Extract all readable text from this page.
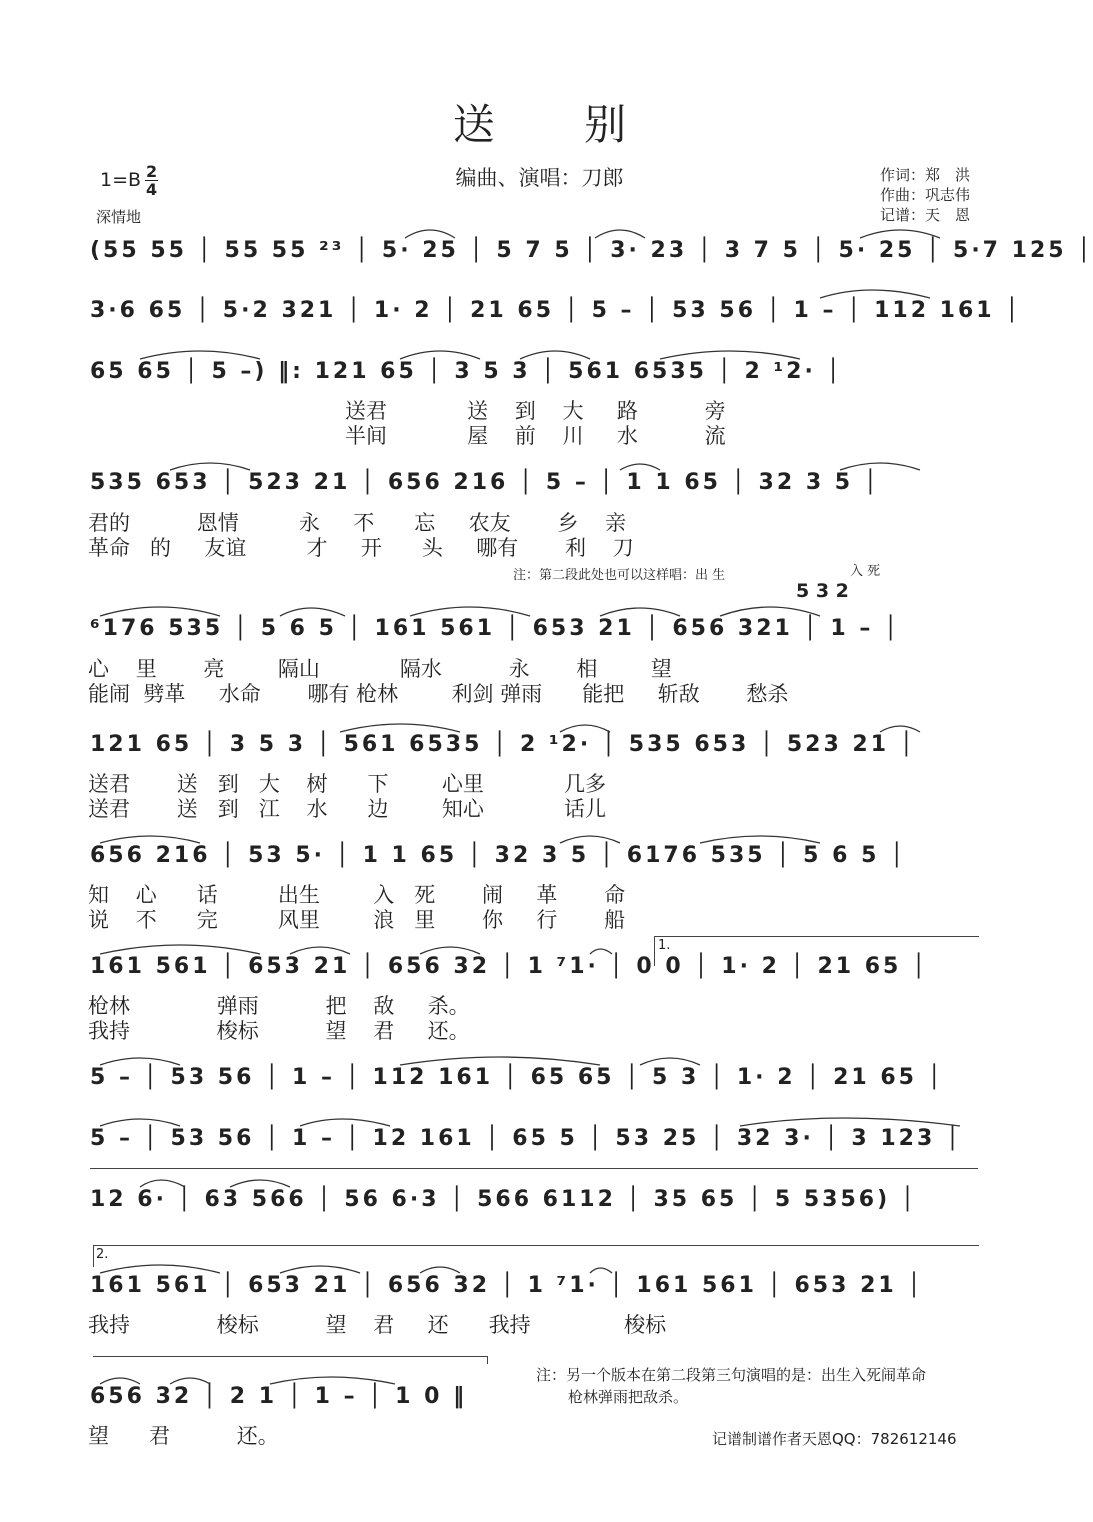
送 别
$1=B \frac{2}{4}$
深情地
编曲、演唱：刀郎	作词：郑　洪
作曲：巩志伟
记谱：天　恩
(55 55 │ 55 55 ²³ │ 5· 25 │ 5 7 5 │ 3· 23 │ 3 7 5 │ 5· 25 │ 5·7 125 │
3·6 65 │ 5·2 321 │ 1· 2 │ 21 65 │ 5 – │ 53 56 │ 1 – │ 112 161 │
65 65 │ 5 –) ‖: 121 65 │ 3 5 3 │ 561 6535 │ 2 ¹2· │
送君            送    到    大     路          旁
半间            屋    前    川     水          流
535 653 │ 523 21 │ 656 216 │ 5 – │ 1 1 65 │ 32 3 5 │
君的          恩情         永     不      忘     农友       乡    亲
革命   的     友谊         才     开      头     哪有       利    刀
注：第二段此处也可以这样唱：出 生	入 死
5 3 2
⁶176 535 │ 5 6 5 │ 161 561 │ 653 21 │ 656 321 │ 1 – │
心    里       亮        隔山            隔水          永       相        望
能闹  劈革     水命       哪有 枪林        利剑 弹雨      能把     斩敌       愁杀
121 65 │ 3 5 3 │ 561 6535 │ 2 ¹2· │ 535 653 │ 523 21 │
送君       送   到   大    树      下        心里            几多
送君       送   到   江    水      边        知心            话儿
656 216 │ 53 5· │ 1 1 65 │ 32 3 5 │ 6176 535 │ 5 6 5 │
知    心      话         出生        入   死       闹     革       命
说    不      完         风里        浪   里       你     行       船
1.
161 561 │ 653 21 │ 656 32 │ 1 ⁷1· │ 0 0 │ 1· 2 │ 21 65 │
枪林             弹雨          把    敌     杀。
我持             梭标          望    君     还。
5 – │ 53 56 │ 1 – │ 112 161 │ 65 65 │ 5 3 │ 1· 2 │ 21 65 │
5 – │ 53 56 │ 1 – │ 12 161 │ 65 5 │ 53 25 │ 32 3· │ 3 123 │
12 6· │ 63 566 │ 56 6·3 │ 566 6112 │ 35 65 │ 5 5356) │
2.
161 561 │ 653 21 │ 656 32 │ 1 ⁷1· │ 161 561 │ 653 21 │
我持             梭标          望    君     还      我持              梭标
656 32 │ 2 1 │ 1 – │ 1 0 ‖
望      君          还。
注：另一个版本在第二段第三句演唱的是：出生入死闹革命
枪林弹雨把敌杀。
记谱制谱作者天恩QQ：782612146
